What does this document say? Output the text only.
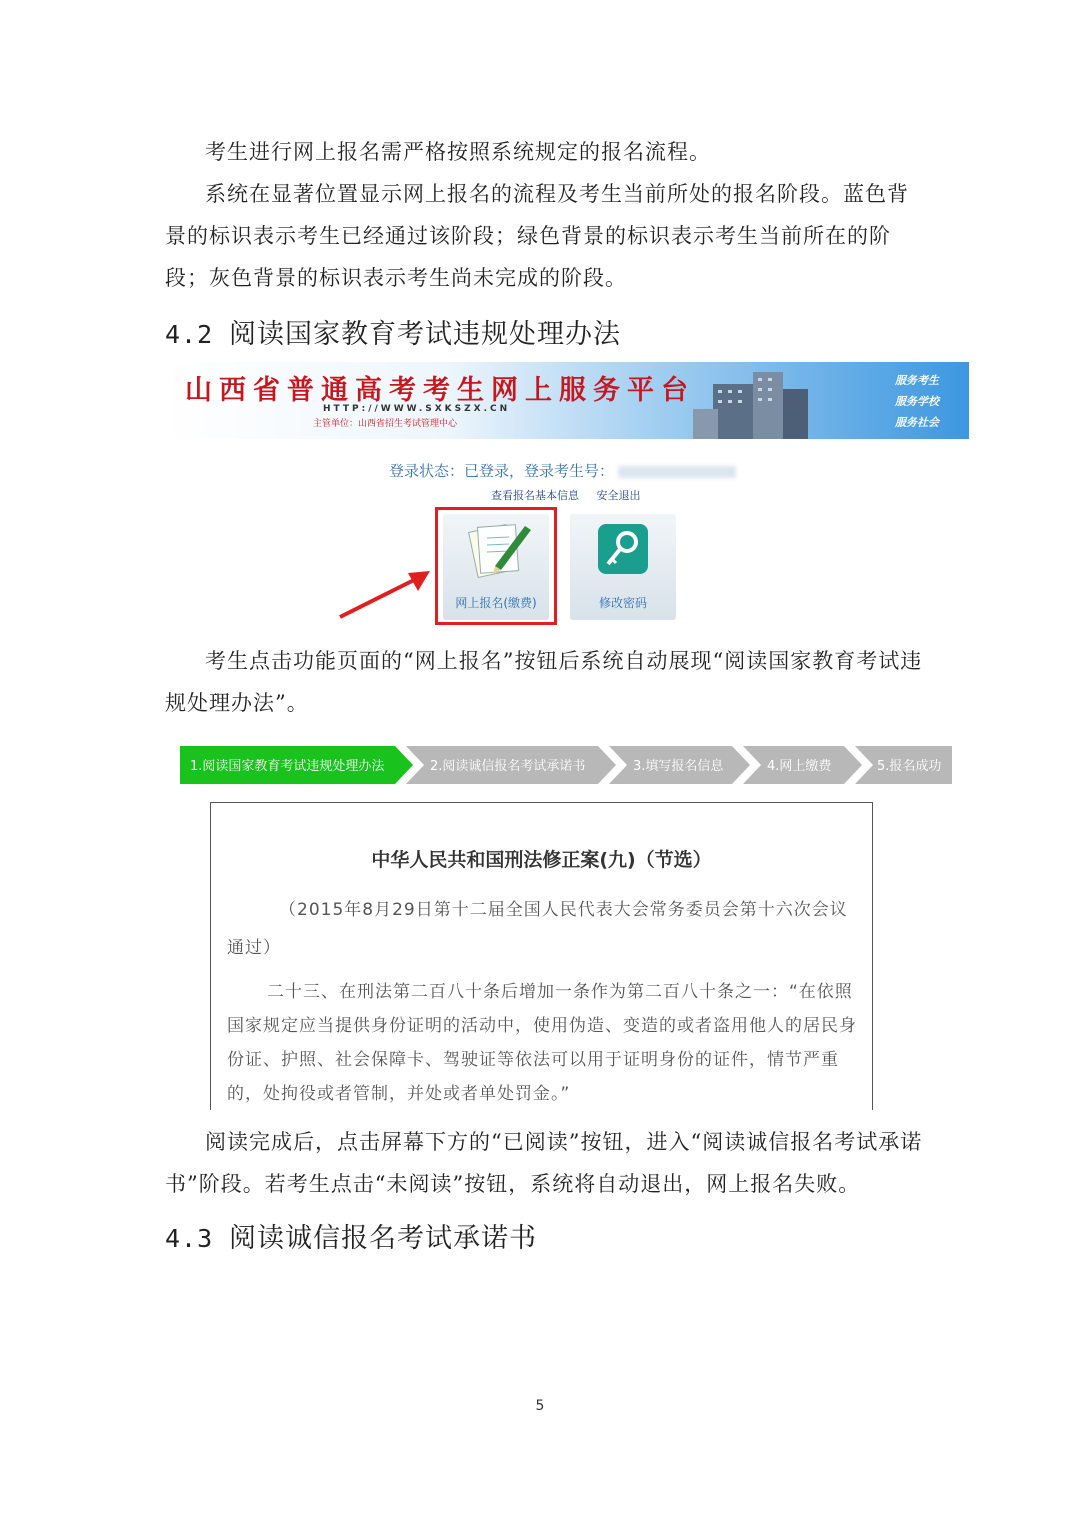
考生进行网上报名需严格按照系统规定的报名流程。

系统在显著位置显示网上报名的流程及考生当前所处的报名阶段。蓝色背景的标识表示考生已经通过该阶段；绿色背景的标识表示考生当前所在的阶段；灰色背景的标识表示考生尚未完成的阶段。

4.2 阅读国家教育考试违规处理办法
山西省普通高考考生网上服务平台
HTTP://WWW.SXKSZX.CN
主管单位：山西省招生考试管理中心
服务考生
服务学校
服务社会
登录状态：已登录，登录考生号：
查看报名基本信息 安全退出
网上报名(缴费)	修改密码

考生点击功能页面的“网上报名”按钮后系统自动展现“阅读国家教育考试违规处理办法”。

1.阅读国家教育考试违规处理办法	2.阅读诚信报名考试承诺书	3.填写报名信息	4.网上缴费	5.报名成功
中华人民共和国刑法修正案(九)（节选）

（2015年8月29日第十二届全国人民代表大会常务委员会第十六次会议通过）

二十三、在刑法第二百八十条后增加一条作为第二百八十条之一：“在依照国家规定应当提供身份证明的活动中，使用伪造、变造的或者盗用他人的居民身份证、护照、社会保障卡、驾驶证等依法可以用于证明身份的证件，情节严重的，处拘役或者管制，并处或者单处罚金。”

阅读完成后，点击屏幕下方的“已阅读”按钮，进入“阅读诚信报名考试承诺书”阶段。若考生点击“未阅读”按钮，系统将自动退出，网上报名失败。

4.3 阅读诚信报名考试承诺书
5
